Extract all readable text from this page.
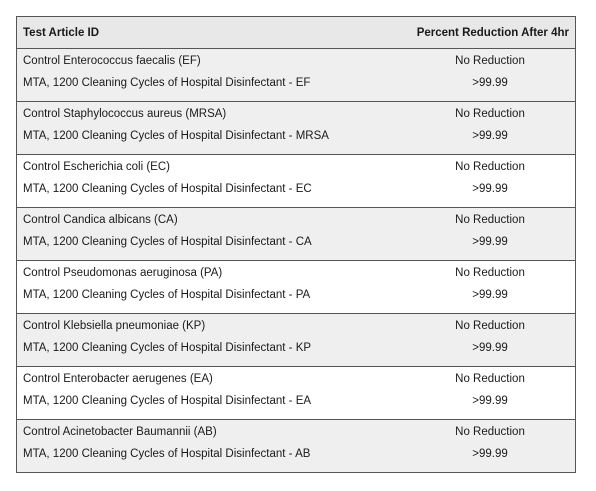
Test Article ID	Percent Reduction After 4hr
Control Enterococcus faecalis (EF)	No Reduction
MTA, 1200 Cleaning Cycles of Hospital Disinfectant - EF	>99.99
Control Staphylococcus aureus (MRSA)	No Reduction
MTA, 1200 Cleaning Cycles of Hospital Disinfectant - MRSA	>99.99
Control Escherichia coli (EC)	No Reduction
MTA, 1200 Cleaning Cycles of Hospital Disinfectant - EC	>99.99
Control Candica albicans (CA)	No Reduction
MTA, 1200 Cleaning Cycles of Hospital Disinfectant - CA	>99.99
Control Pseudomonas aeruginosa (PA)	No Reduction
MTA, 1200 Cleaning Cycles of Hospital Disinfectant - PA	>99.99
Control Klebsiella pneumoniae (KP)	No Reduction
MTA, 1200 Cleaning Cycles of Hospital Disinfectant - KP	>99.99
Control Enterobacter aerugenes (EA)	No Reduction
MTA, 1200 Cleaning Cycles of Hospital Disinfectant - EA	>99.99
Control Acinetobacter Baumannii (AB)	No Reduction
MTA, 1200 Cleaning Cycles of Hospital Disinfectant - AB	>99.99
